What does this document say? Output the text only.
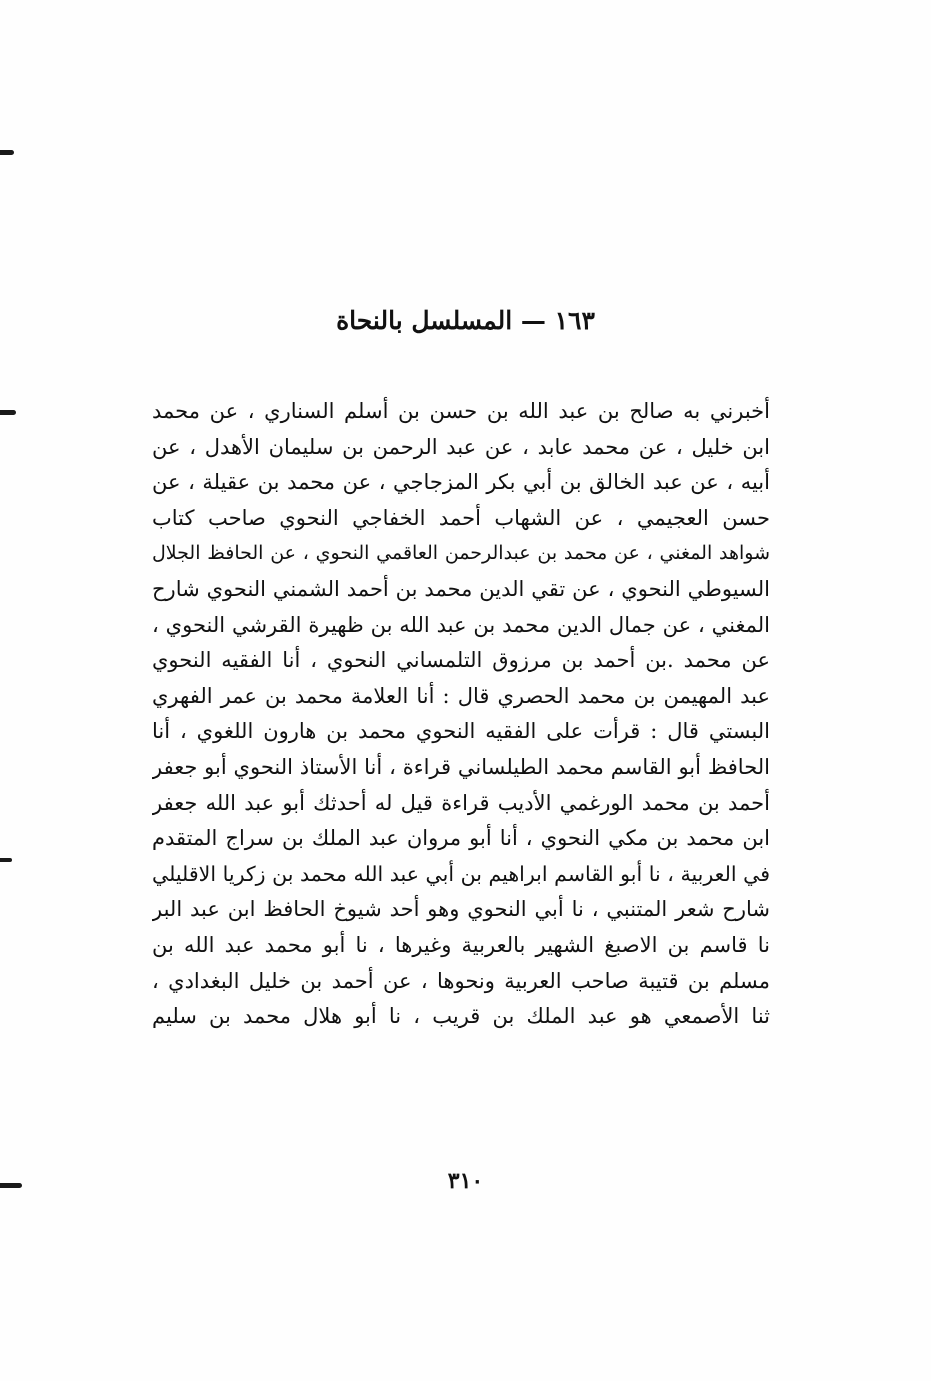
١٦٣ — المسلسل بالنحاة
أخبرني به صالح بن عبد الله بن حسن بن أسلم السناري ، عن محمد
ابن خليل ، عن محمد عابد ، عن عبد الرحمن بن سليمان الأهدل ، عن
أبيه ، عن عبد الخالق بن أبي بكر المزجاجي ، عن محمد بن عقيلة ، عن
حسن العجيمي ، عن الشهاب أحمد الخفاجي النحوي صاحب كتاب
شواهد المغني ، عن محمد بن عبدالرحمن العاقمي النحوي ، عن الحافظ الجلال
السيوطي النحوي ، عن تقي الدين محمد بن أحمد الشمني النحوي شارح
المغني ، عن جمال الدين محمد بن عبد الله بن ظهيرة القرشي النحوي ،
عن محمد .بن أحمد بن مرزوق التلمساني النحوي ، أنا الفقيه النحوي
عبد المهيمن بن محمد الحصري قال : أنا العلامة محمد بن عمر الفهري
البستي قال : قرأت على الفقيه النحوي محمد بن هارون اللغوي ، أنا
الحافظ أبو القاسم محمد الطيلساني قراءة ، أنا الأستاذ النحوي أبو جعفر
أحمد بن محمد الورغمي الأديب قراءة قيل له أحدثك أبو عبد الله جعفر
ابن محمد بن مكي النحوي ، أنا أبو مروان عبد الملك بن سراج المتقدم
في العربية ، نا أبو القاسم ابراهيم بن أبي عبد الله محمد بن زكريا الاقليلي
شارح شعر المتنبي ، نا أبي النحوي وهو أحد شيوخ الحافظ ابن عبد البر
نا قاسم بن الاصبغ الشهير بالعربية وغيرها ، نا أبو محمد عبد الله بن
مسلم بن قتيبة صاحب العربية ونحوها ، عن أحمد بن خليل البغدادي ،
ثنا الأصمعي هو عبد الملك بن قريب ، نا أبو هلال محمد بن سليم
٣١٠
